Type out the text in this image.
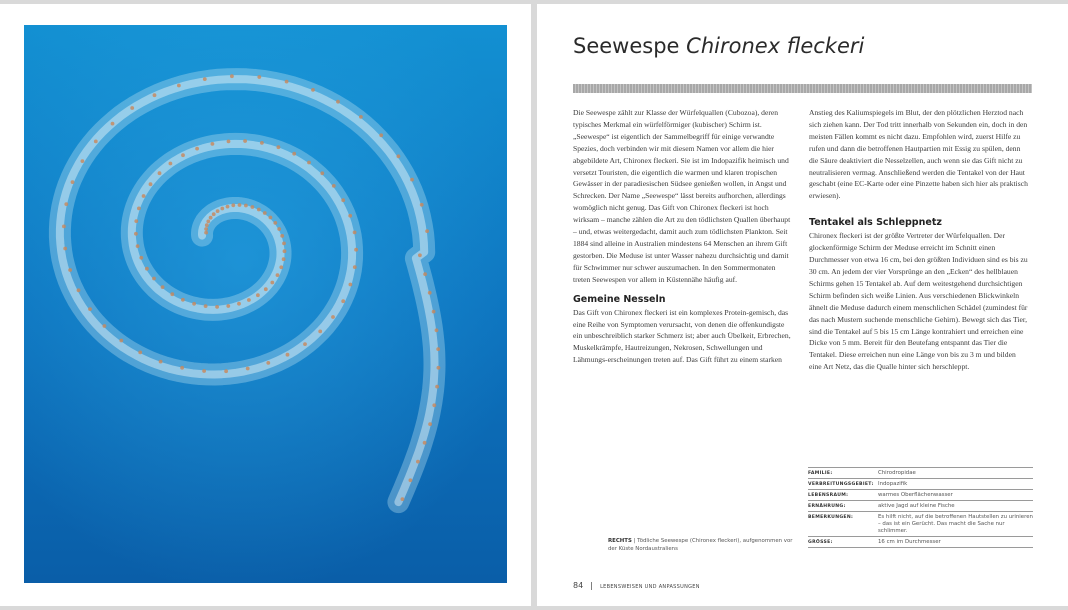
Seewespe Chironex fleckeri

Die Seewespe zählt zur Klasse der Würfelquallen (Cubozoa), deren typisches Merkmal ein würfelförmiger (kubischer) Schirm ist. „Seewespe“ ist eigentlich der Sammelbegriff für einige verwandte Spezies, doch verbinden wir mit diesem Namen vor allem die hier abgebildete Art, Chironex fleckeri. Sie ist im Indopazifik heimisch und versetzt Touristen, die eigentlich die warmen und klaren tropischen Gewässer in der paradiesischen Südsee genießen wollen, in Angst und Schrecken. Der Name „Seewespe“ lässt bereits aufhorchen, allerdings womöglich nicht genug. Das Gift von Chironex fleckeri ist hoch wirksam – manche zählen die Art zu den tödlichsten Quallen überhaupt – und, etwas weitergedacht, damit auch zum tödlichsten Plankton. Seit 1884 sind alleine in Australien mindestens 64 Menschen an ihrem Gift gestorben. Die Meduse ist unter Wasser nahezu durchsichtig und damit für Schwimmer nur schwer auszumachen. In den Sommermonaten treten Seewespen vor allem in Küstennähe häufig auf.

Gemeine Nesseln

Das Gift von Chironex fleckeri ist ein komplexes Protein-gemisch, das eine Reihe von Symptomen verursacht, von denen die offenkundigste ein unbeschreiblich starker Schmerz ist; aber auch Übelkeit, Erbrechen, Muskelkrämpfe, Hautreizungen, Nekrosen, Schwellungen und Lähmungs-erscheinungen treten auf. Das Gift führt zu einem starken

Anstieg des Kaliumspiegels im Blut, der den plötzlichen Herztod nach sich ziehen kann. Der Tod tritt innerhalb von Sekunden ein, doch in den meisten Fällen kommt es nicht dazu. Empfohlen wird, zuerst Hilfe zu rufen und dann die betroffenen Hautpartien mit Essig zu spülen, denn die Säure deaktiviert die Nesselzellen, auch wenn sie das Gift nicht zu neutralisieren vermag. Anschließend werden die Tentakel von der Haut geschabt (eine EC-Karte oder eine Pinzette haben sich hier als praktisch erwiesen).

Tentakel als Schleppnetz

Chironex fleckeri ist der größte Vertreter der Würfelquallen. Der glockenförmige Schirm der Meduse erreicht im Schnitt einen Durchmesser von etwa 16 cm, bei den größten Individuen sind es bis zu 30 cm. An jedem der vier Vorsprünge an den „Ecken“ des hellblauen Schirms gehen 15 Tentakel ab. Auf dem weitestgehend durchsichtigen Schirm befinden sich weiße Linien. Aus verschiedenen Blickwinkeln ähnelt die Meduse dadurch einem menschlichen Schädel (zumindest für das nach Mustern suchende menschliche Gehirn). Bewegt sich das Tier, sind die Tentakel auf 5 bis 15 cm Länge kontrahiert und erreichen eine Dicke von 5 mm. Bereit für den Beutefang entspannt das Tier die Tentakel. Diese erreichen nun eine Länge von bis zu 3 m und bilden eine Art Netz, das die Qualle hinter sich herschleppt.

FAMILIE:	Chirodropidae
VERBREITUNGSGEBIET:	Indopazifik
LEBENSRAUM:	warmes Oberflächenwasser
ERNÄHRUNG:	aktive Jagd auf kleine Fische
BEMERKUNGEN:	Es hilft nicht, auf die betroffenen Hautstellen zu urinieren – das ist ein Gerücht. Das macht die Sache nur schlimmer.
GRÖSSE:	16 cm im Durchmesser
RECHTS | Tödliche Seewespe (Chironex fleckeri), aufgenommen vor der Küste Nordaustraliens
84 | LEBENSWEISEN UND ANPASSUNGEN
